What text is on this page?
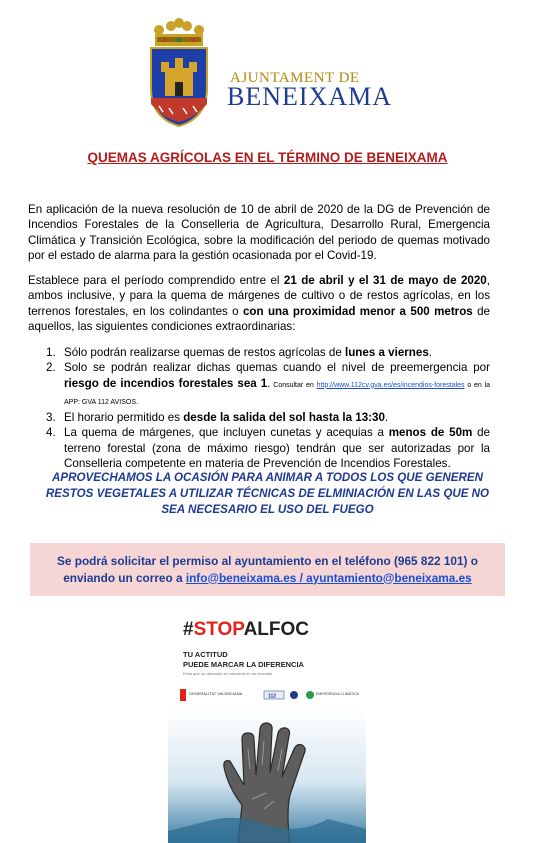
AJUNTAMENT DE
BENEIXAMA
QUEMAS AGRÍCOLAS EN EL TÉRMINO DE BENEIXAMA
En aplicación de la nueva resolución de 10 de abril de 2020 de la DG de Prevención de Incendios Forestales de la Conselleria de Agricultura, Desarrollo Rural, Emergencia Climática y Transición Ecológica, sobre la modificación del periodo de quemas motivado por el estado de alarma para la gestión ocasionada por el Covid-19.
Establece para el período comprendido entre el 21 de abril y el 31 de mayo de 2020, ambos inclusive, y para la quema de márgenes de cultivo o de restos agrícolas, en los terrenos forestales, en los colindantes o con una proximidad menor a 500 metros de aquellos, las siguientes condiciones extraordinarias:
1. Sólo podrán realizarse quemas de restos agrícolas de lunes a viernes.
2. Solo se podrán realizar dichas quemas cuando el nivel de preemergencia por riesgo de incendios forestales sea 1. Consultar en http://www.112cv.gva.es/es/incendios-forestales o en la APP: GVA 112 AVISOS.
3. El horario permitido es desde la salida del sol hasta la 13:30.
4. La quema de márgenes, que incluyen cunetas y acequias a menos de 50m de terreno forestal (zona de máximo riesgo) tendrán que ser autorizadas por la Conselleria competente en materia de Prevención de Incendios Forestales.
APROVECHAMOS LA OCASIÓN PARA ANIMAR A TODOS LOS QUE GENEREN RESTOS VEGETALES A UTILIZAR TÉCNICAS DE ELMINIACIÓN EN LAS QUE NO SEA NECESARIO EL USO DEL FUEGO
Se podrá solicitar el permiso al ayuntamiento en el teléfono (965 822 101) o
enviando un correo a info@beneixama.es / ayuntamiento@beneixama.es
#STOPALFOC
TU ACTITUD
PUEDE MARCAR LA DIFERENCIA
Evita que un descuido se convierta en un incendio
GENERALITAT VALENCIANA	112	EMERGÈNCIA CLIMÀTICA
